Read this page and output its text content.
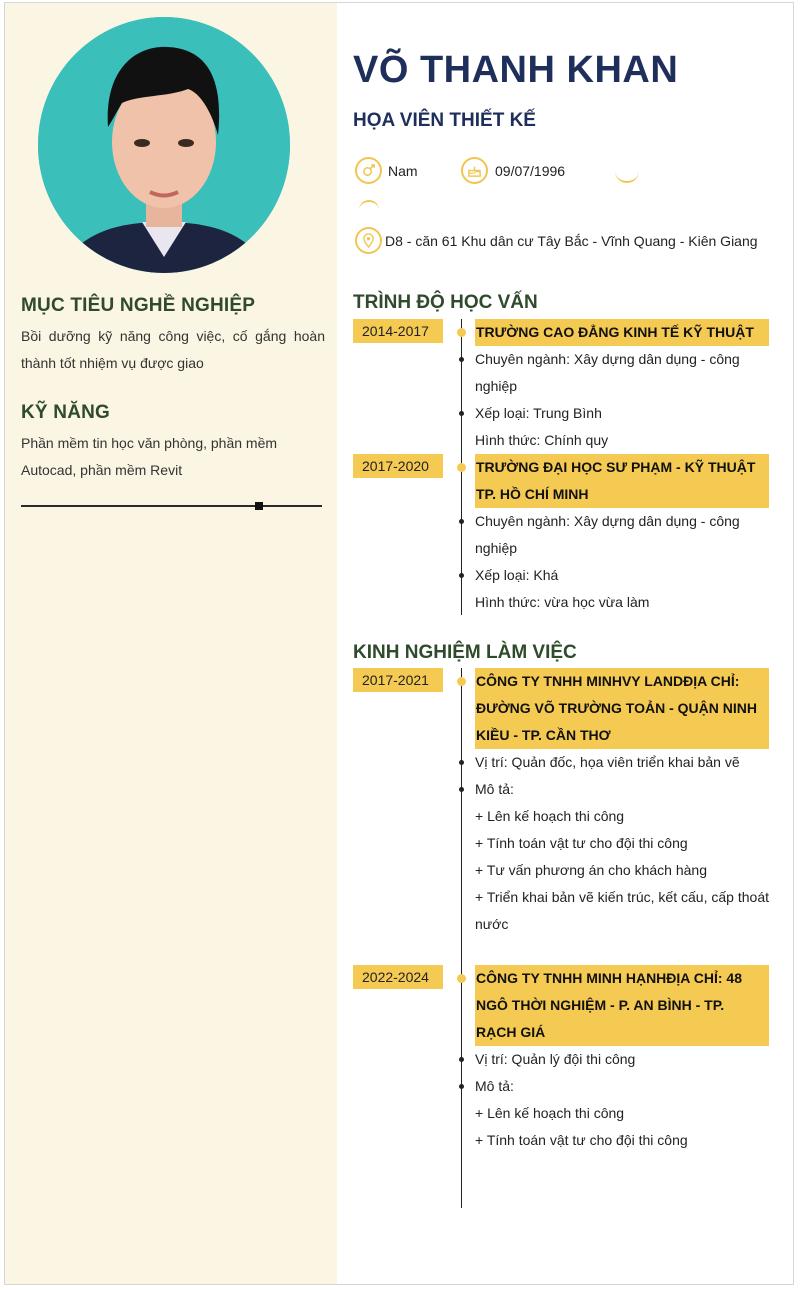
MỤC TIÊU NGHỀ NGHIỆP
Bồi dưỡng kỹ năng công việc, cố gắng hoàn thành tốt nhiệm vụ được giao
KỸ NĂNG
Phần mềm tin học văn phòng, phần mềm Autocad, phần mềm Revit
VÕ THANH KHAN
HỌA VIÊN THIẾT KẾ
Nam	09/07/1996
D8 - căn 61 Khu dân cư Tây Bắc - Vĩnh Quang - Kiên Giang
TRÌNH ĐỘ HỌC VẤN
2014-2017	TRƯỜNG CAO ĐẲNG KINH TẾ KỸ THUẬT
Chuyên ngành: Xây dựng dân dụng - công nghiệp
Xếp loại: Trung Bình
Hình thức: Chính quy
2017-2020	TRƯỜNG ĐẠI HỌC SƯ PHẠM - KỸ THUẬT TP. HỒ CHÍ MINH
Chuyên ngành: Xây dựng dân dụng - công nghiệp
Xếp loại: Khá
Hình thức: vừa học vừa làm
KINH NGHIỆM LÀM VIỆC
2017-2021	CÔNG TY TNHH MINHVY LANDĐỊA CHỈ: ĐƯỜNG VÕ TRƯỜNG TOẢN - QUẬN NINH KIỀU - TP. CẦN THƠ
Vị trí: Quản đốc, họa viên triển khai bản vẽ
Mô tả:
+ Lên kế hoạch thi công
+ Tính toán vật tư cho đội thi công
+ Tư vấn phương án cho khách hàng
+ Triển khai bản vẽ kiến trúc, kết cấu, cấp thoát nước
2022-2024	CÔNG TY TNHH MINH HẠNHĐỊA CHỈ: 48 NGÔ THỜI NGHIỆM - P. AN BÌNH - TP. RẠCH GIÁ
Vị trí: Quản lý đội thi công
Mô tả:
+ Lên kế hoạch thi công
+ Tính toán vật tư cho đội thi công
